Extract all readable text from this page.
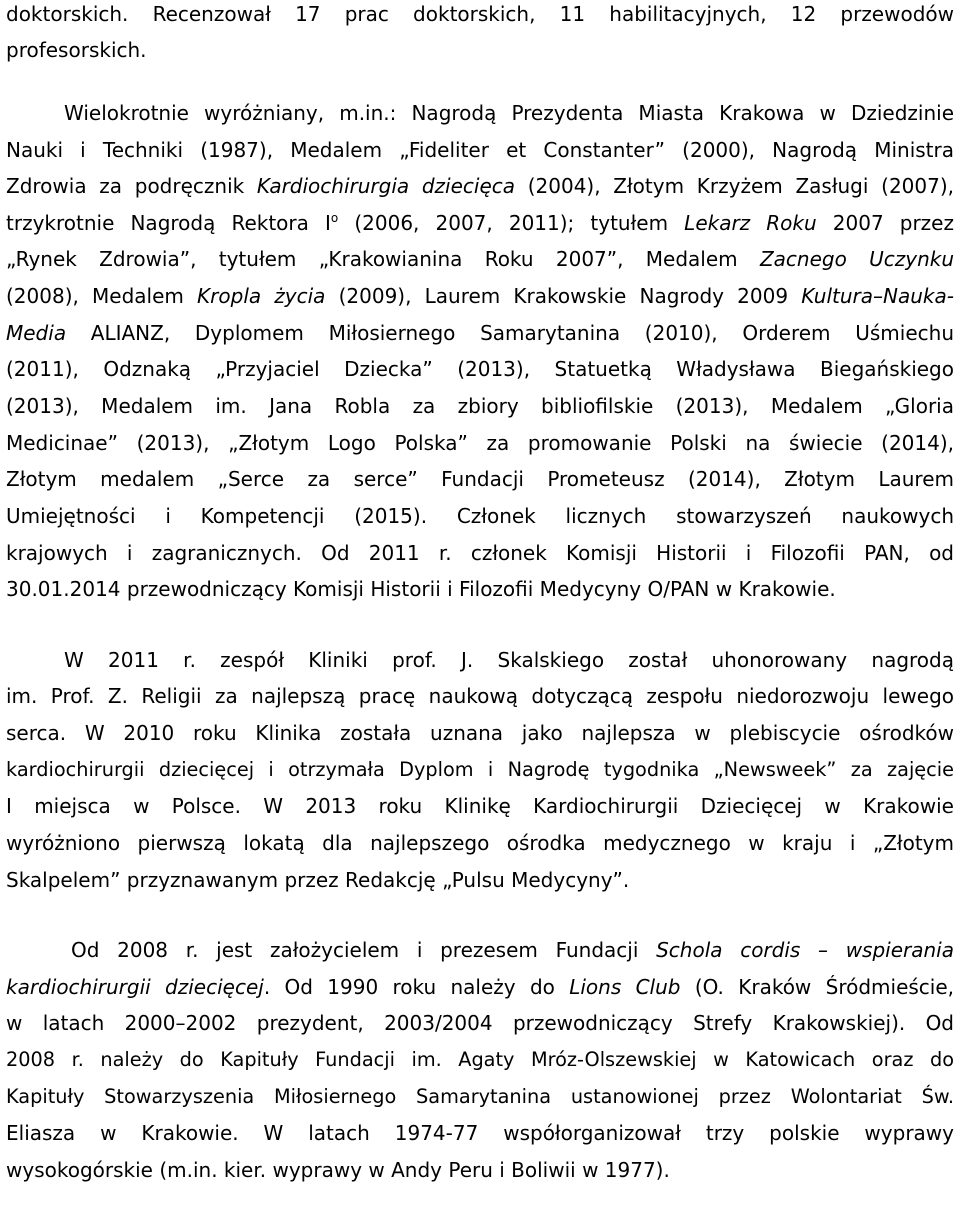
doktorskich. Recenzował 17 prac doktorskich, 11 habilitacyjnych, 12 przewodów
profesorskich.
Wielokrotnie wyróżniany, m.in.: Nagrodą Prezydenta Miasta Krakowa w Dziedzinie
Nauki i Techniki (1987), Medalem „Fideliter et Constanter” (2000), Nagrodą Ministra
Zdrowia za podręcznik Kardiochirurgia dziecięca (2004), Złotym Krzyżem Zasługi (2007),
trzykrotnie Nagrodą Rektora $I^o$ (2006, 2007, 2011); tytułem Lekarz Roku 2007 przez
„Rynek Zdrowia”, tytułem „Krakowianina Roku 2007”, Medalem Zacnego Uczynku
(2008), Medalem Kropla życia (2009), Laurem Krakowskie Nagrody 2009 Kultura–Nauka-
Media ALIANZ, Dyplomem Miłosiernego Samarytanina (2010), Orderem Uśmiechu
(2011), Odznaką „Przyjaciel Dziecka” (2013), Statuetką Władysława Biegańskiego
(2013), Medalem im. Jana Robla za zbiory bibliofilskie (2013), Medalem „Gloria
Medicinae” (2013), „Złotym Logo Polska” za promowanie Polski na świecie (2014),
Złotym medalem „Serce za serce” Fundacji Prometeusz (2014), Złotym Laurem
Umiejętności i Kompetencji (2015). Członek licznych stowarzyszeń naukowych
krajowych i zagranicznych. Od 2011 r. członek Komisji Historii i Filozofii PAN, od
30.01.2014 przewodniczący Komisji Historii i Filozofii Medycyny O/PAN w Krakowie.
W 2011 r. zespół Kliniki prof. J. Skalskiego został uhonorowany nagrodą
im. Prof. Z. Religii za najlepszą pracę naukową dotyczącą zespołu niedorozwoju lewego
serca. W 2010 roku Klinika została uznana jako najlepsza w plebiscycie ośrodków
kardiochirurgii dziecięcej i otrzymała Dyplom i Nagrodę tygodnika „Newsweek” za zajęcie
I miejsca w Polsce. W 2013 roku Klinikę Kardiochirurgii Dziecięcej w Krakowie
wyróżniono pierwszą lokatą dla najlepszego ośrodka medycznego w kraju i „Złotym
Skalpelem” przyznawanym przez Redakcję „Pulsu Medycyny”.
Od 2008 r. jest założycielem i prezesem Fundacji Schola cordis – wspierania
kardiochirurgii dziecięcej. Od 1990 roku należy do Lions Club (O. Kraków Śródmieście,
w latach 2000–2002 prezydent, 2003/2004 przewodniczący Strefy Krakowskiej). Od
2008 r. należy do Kapituły Fundacji im. Agaty Mróz-Olszewskiej w Katowicach oraz do
Kapituły Stowarzyszenia Miłosiernego Samarytanina ustanowionej przez Wolontariat Św.
Eliasza w Krakowie. W latach 1974-77 współorganizował trzy polskie wyprawy
wysokogórskie (m.in. kier. wyprawy w Andy Peru i Boliwii w 1977).
